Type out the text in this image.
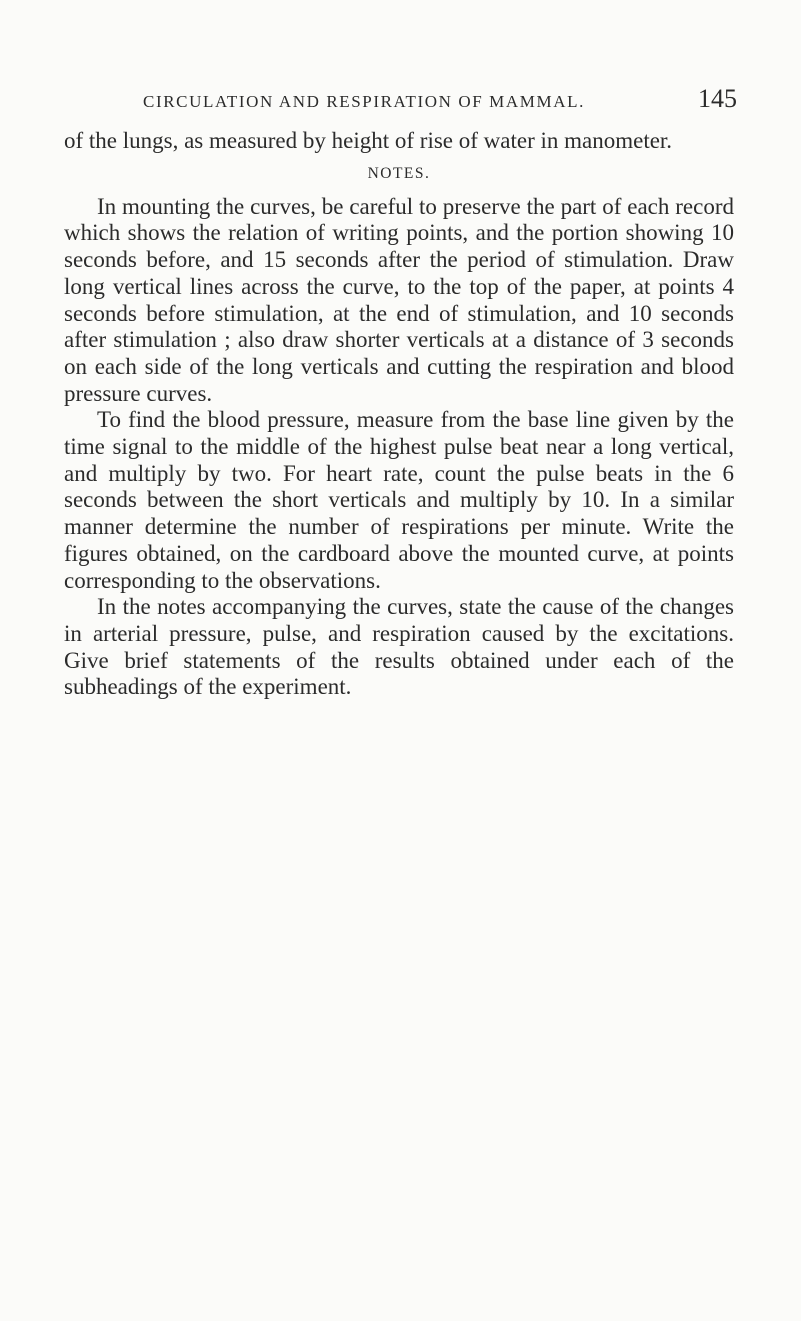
CIRCULATION AND RESPIRATION OF MAMMAL.	145

of the lungs, as measured by height of rise of water in manometer.

NOTES.

In mounting the curves, be careful to preserve the part of each record which shows the relation of writing points, and the portion showing 10 seconds before, and 15 seconds after the period of stimulation. Draw long vertical lines across the curve, to the top of the paper, at points 4 seconds before stimulation, at the end of stimulation, and 10 seconds after stimulation ; also draw shorter verticals at a distance of 3 seconds on each side of the long verticals and cutting the respiration and blood pressure curves.

To find the blood pressure, measure from the base line given by the time signal to the middle of the highest pulse beat near a long vertical, and multiply by two. For heart rate, count the pulse beats in the 6 seconds between the short verticals and multiply by 10. In a similar manner determine the number of respirations per minute. Write the figures obtained, on the cardboard above the mounted curve, at points corresponding to the observations.

In the notes accompanying the curves, state the cause of the changes in arterial pressure, pulse, and respiration caused by the excitations. Give brief statements of the results obtained under each of the subheadings of the experiment.
